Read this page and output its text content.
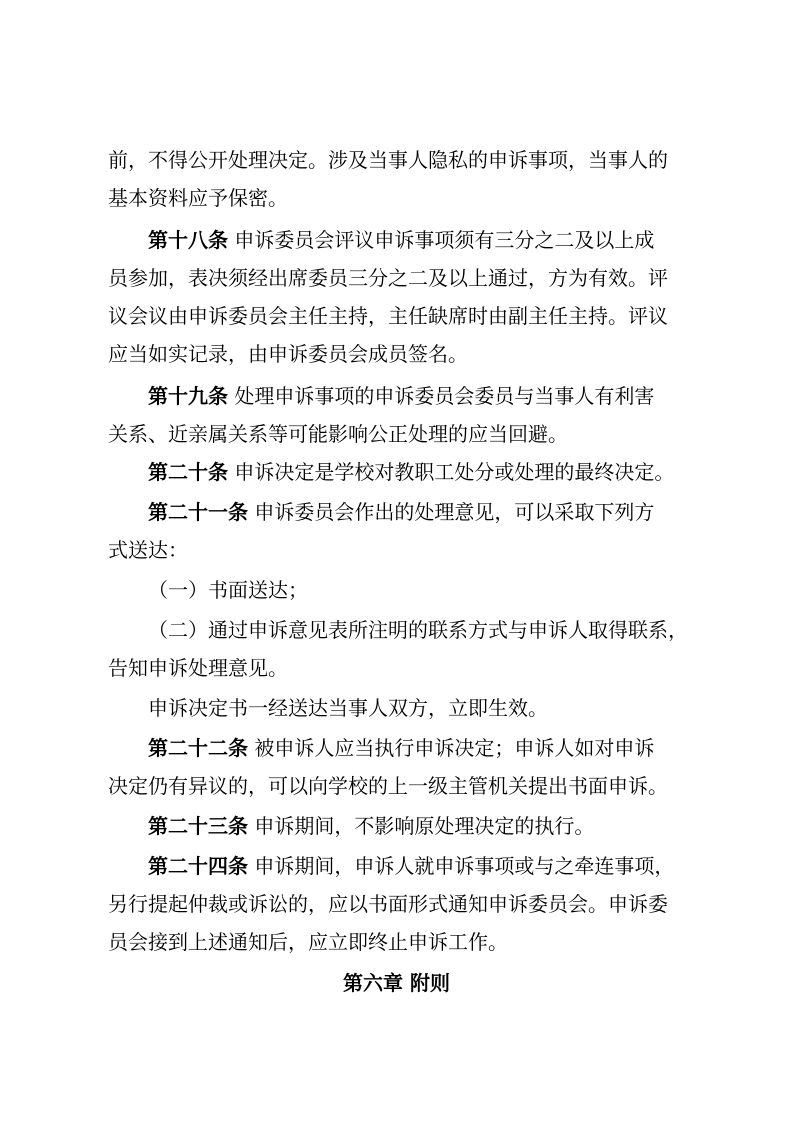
前，不得公开处理决定。涉及当事人隐私的申诉事项，当事人的
基本资料应予保密。
第十八条 申诉委员会评议申诉事项须有三分之二及以上成
员参加，表决须经出席委员三分之二及以上通过，方为有效。评
议会议由申诉委员会主任主持，主任缺席时由副主任主持。评议
应当如实记录，由申诉委员会成员签名。
第十九条 处理申诉事项的申诉委员会委员与当事人有利害
关系、近亲属关系等可能影响公正处理的应当回避。
第二十条 申诉决定是学校对教职工处分或处理的最终决定。
第二十一条 申诉委员会作出的处理意见，可以采取下列方
式送达：
（一）书面送达；
（二）通过申诉意见表所注明的联系方式与申诉人取得联系，
告知申诉处理意见。
申诉决定书一经送达当事人双方，立即生效。
第二十二条 被申诉人应当执行申诉决定；申诉人如对申诉
决定仍有异议的，可以向学校的上一级主管机关提出书面申诉。
第二十三条 申诉期间，不影响原处理决定的执行。
第二十四条 申诉期间，申诉人就申诉事项或与之牵连事项，
另行提起仲裁或诉讼的，应以书面形式通知申诉委员会。申诉委
员会接到上述通知后，应立即终止申诉工作。
第六章 附则
